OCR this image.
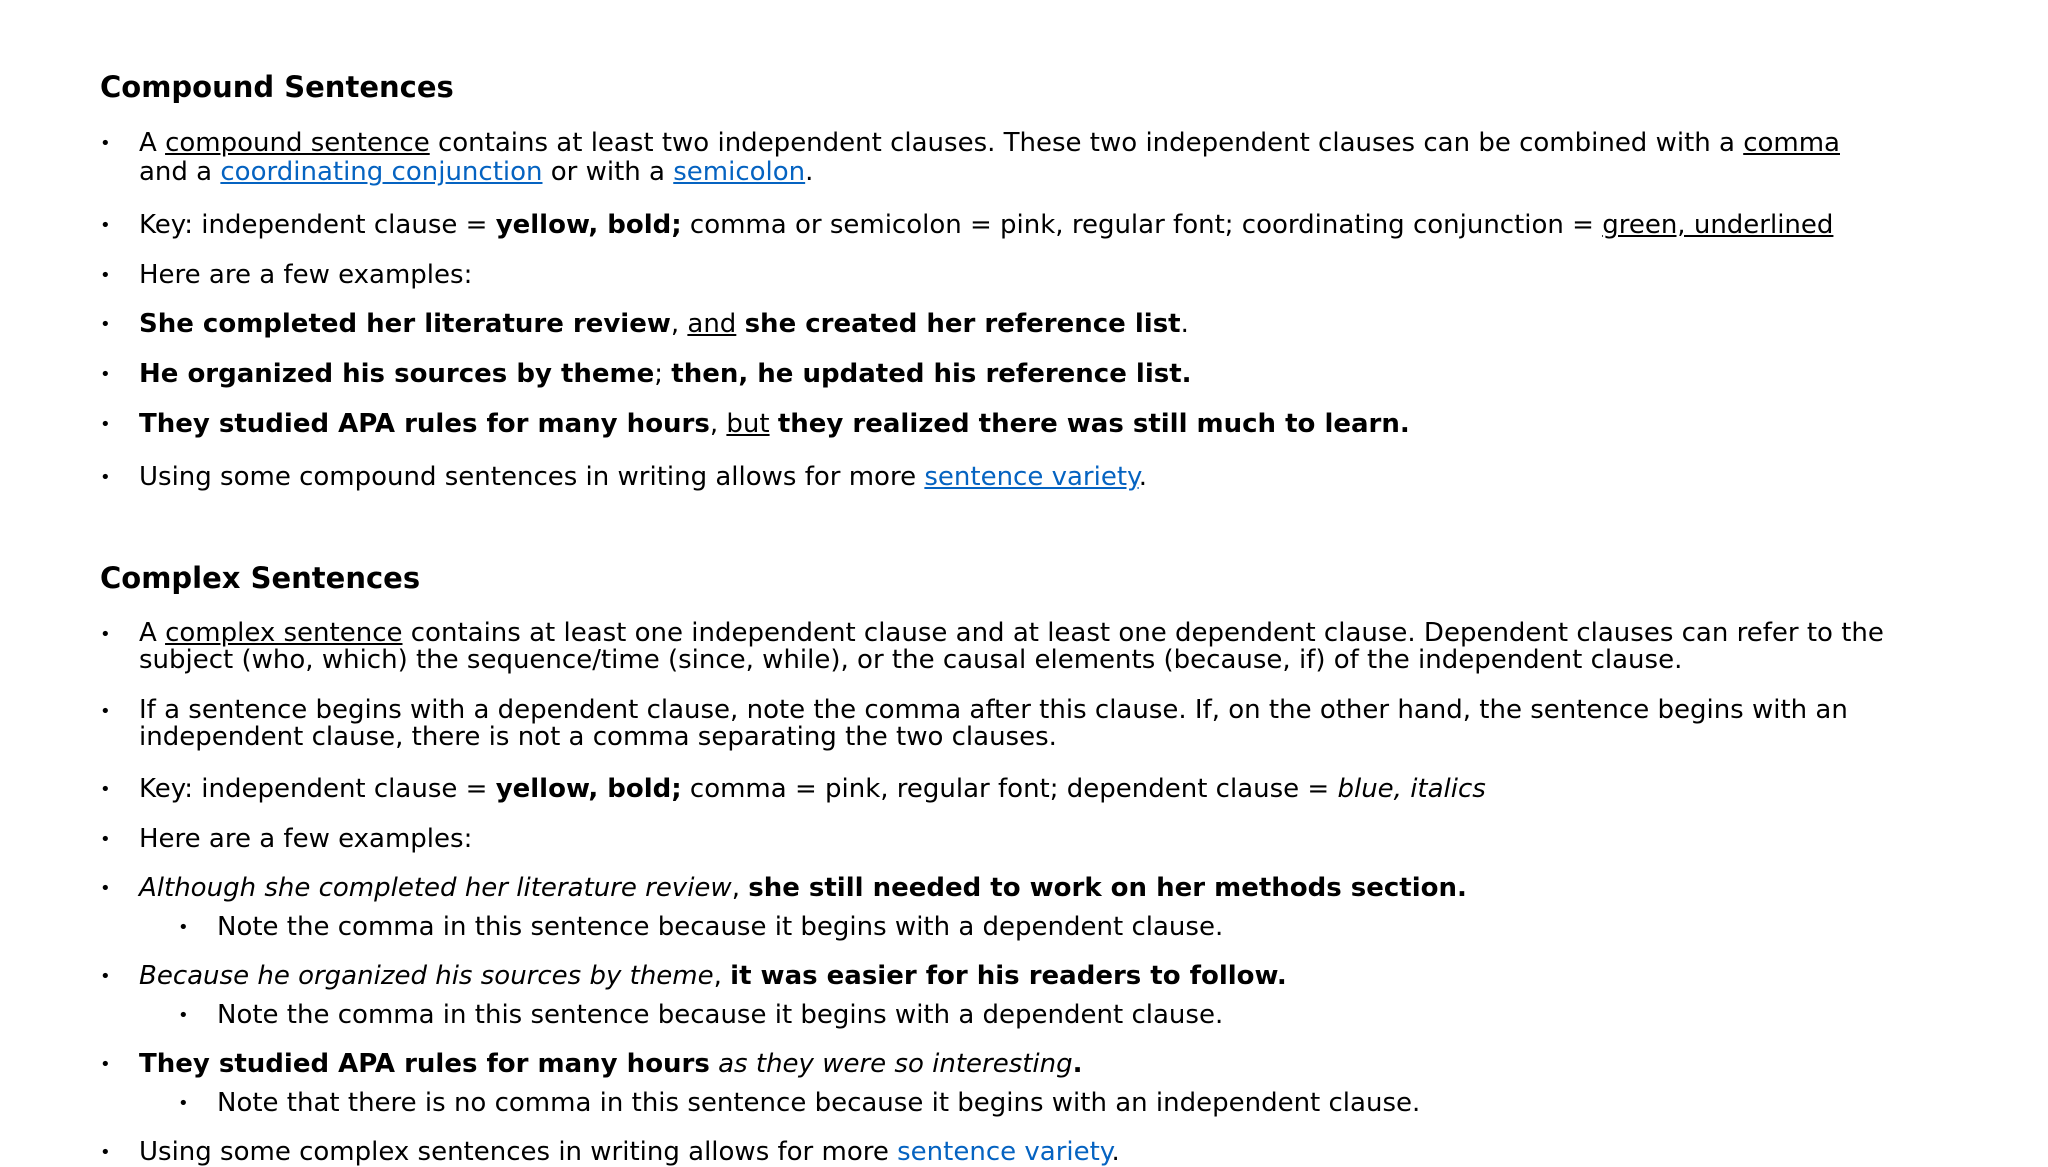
Compound Sentences
• A compound sentence contains at least two independent clauses. These two independent clauses can be combined with a comma and a coordinating conjunction or with a semicolon.
• Key: independent clause = yellow, bold; comma or semicolon = pink, regular font; coordinating conjunction = green, underlined
• Here are a few examples:
• She completed her literature review, and she created her reference list.
• He organized his sources by theme; then, he updated his reference list.
• They studied APA rules for many hours, but they realized there was still much to learn.
• Using some compound sentences in writing allows for more sentence variety.
Complex Sentences
• A complex sentence contains at least one independent clause and at least one dependent clause. Dependent clauses can refer to the subject (who, which) the sequence/time (since, while), or the causal elements (because, if) of the independent clause.
• If a sentence begins with a dependent clause, note the comma after this clause. If, on the other hand, the sentence begins with an independent clause, there is not a comma separating the two clauses.
• Key: independent clause = yellow, bold; comma = pink, regular font; dependent clause = blue, italics
• Here are a few examples:
• Although she completed her literature review, she still needed to work on her methods section.
• Note the comma in this sentence because it begins with a dependent clause.
• Because he organized his sources by theme, it was easier for his readers to follow.
• Note the comma in this sentence because it begins with a dependent clause.
• They studied APA rules for many hours as they were so interesting.
• Note that there is no comma in this sentence because it begins with an independent clause.
• Using some complex sentences in writing allows for more sentence variety.
